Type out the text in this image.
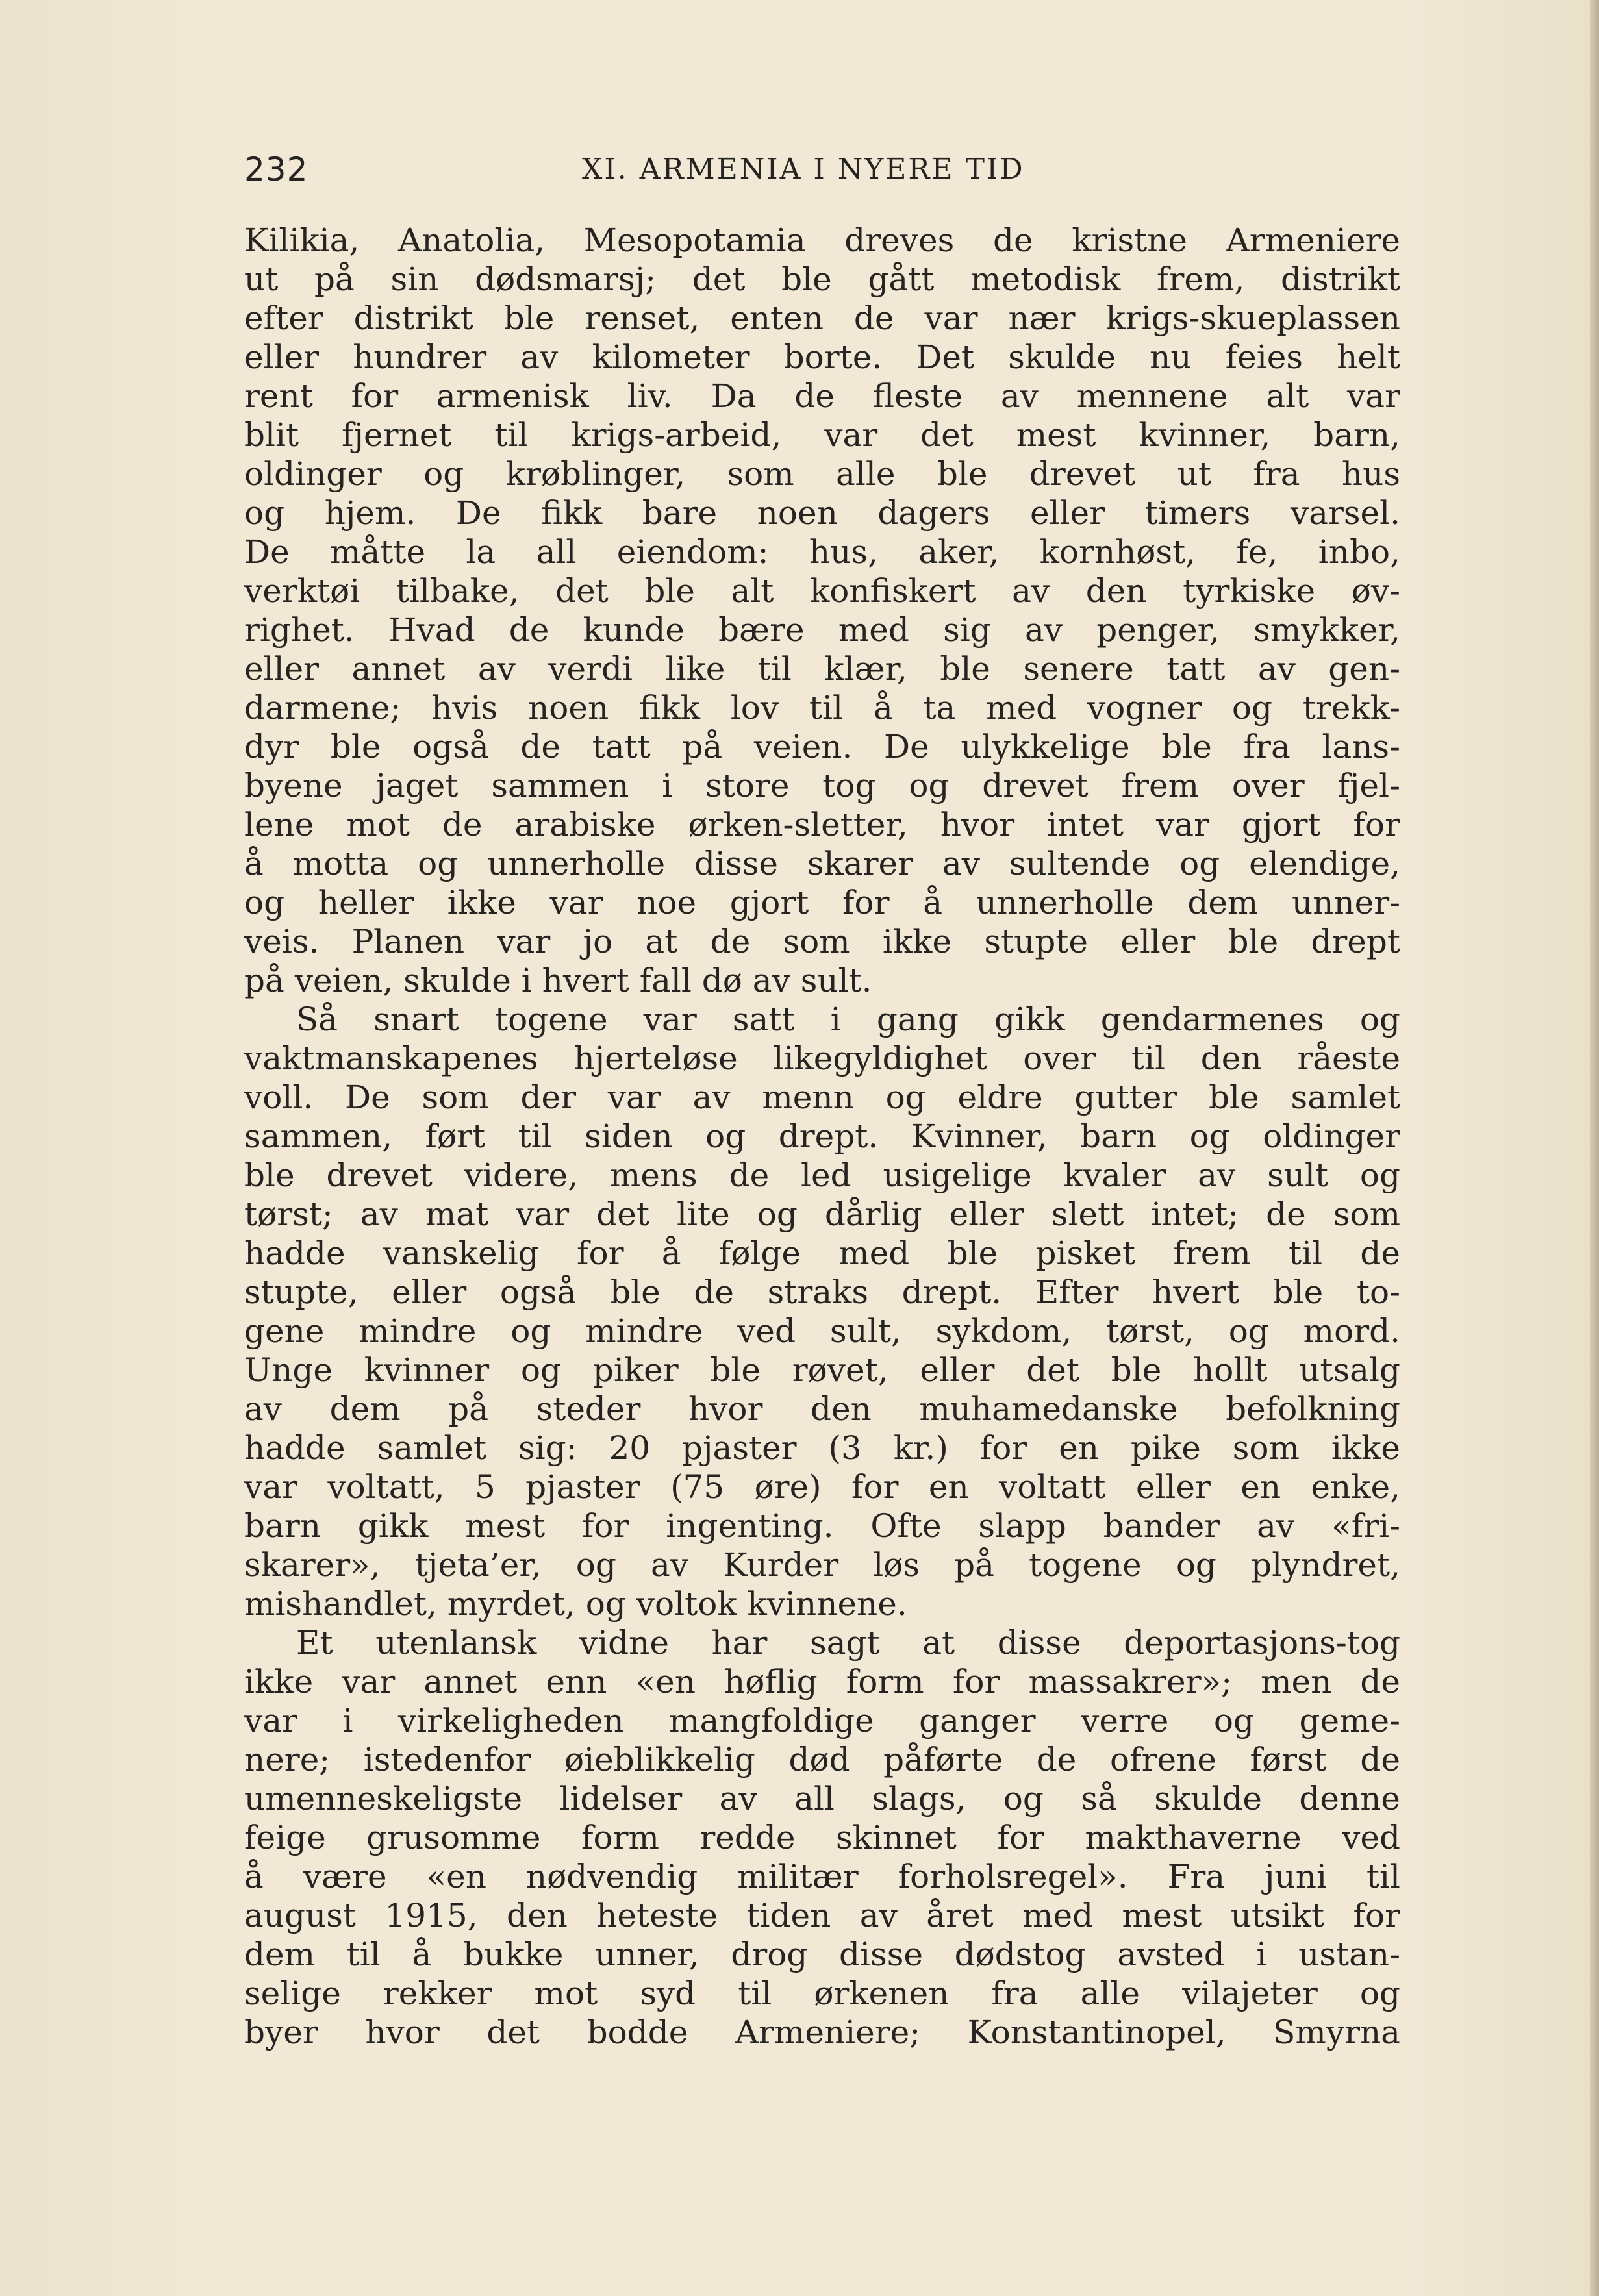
232	XI. ARMENIA I NYERE TID
Kilikia, Anatolia, Mesopotamia dreves de kristne Armeniere
ut på sin dødsmarsj; det ble gått metodisk frem, distrikt
efter distrikt ble renset, enten de var nær krigs-skueplassen
eller hundrer av kilometer borte. Det skulde nu feies helt
rent for armenisk liv. Da de fleste av mennene alt var
blit fjernet til krigs-arbeid, var det mest kvinner, barn,
oldinger og krøblinger, som alle ble drevet ut fra hus
og hjem. De fikk bare noen dagers eller timers varsel.
De måtte la all eiendom: hus, aker, kornhøst, fe, inbo,
verktøi tilbake, det ble alt konfiskert av den tyrkiske øv-
righet. Hvad de kunde bære med sig av penger, smykker,
eller annet av verdi like til klær, ble senere tatt av gen-
darmene; hvis noen fikk lov til å ta med vogner og trekk-
dyr ble også de tatt på veien. De ulykkelige ble fra lans-
byene jaget sammen i store tog og drevet frem over fjel-
lene mot de arabiske ørken-sletter, hvor intet var gjort for
å motta og unnerholle disse skarer av sultende og elendige,
og heller ikke var noe gjort for å unnerholle dem unner-
veis. Planen var jo at de som ikke stupte eller ble drept
på veien, skulde i hvert fall dø av sult.
Så snart togene var satt i gang gikk gendarmenes og
vaktmanskapenes hjerteløse likegyldighet over til den råeste
voll. De som der var av menn og eldre gutter ble samlet
sammen, ført til siden og drept. Kvinner, barn og oldinger
ble drevet videre, mens de led usigelige kvaler av sult og
tørst; av mat var det lite og dårlig eller slett intet; de som
hadde vanskelig for å følge med ble pisket frem til de
stupte, eller også ble de straks drept. Efter hvert ble to-
gene mindre og mindre ved sult, sykdom, tørst, og mord.
Unge kvinner og piker ble røvet, eller det ble hollt utsalg
av dem på steder hvor den muhamedanske befolkning
hadde samlet sig: 20 pjaster (3 kr.) for en pike som ikke
var voltatt, 5 pjaster (75 øre) for en voltatt eller en enke,
barn gikk mest for ingenting. Ofte slapp bander av «fri-
skarer», tjeta’er, og av Kurder løs på togene og plyndret,
mishandlet, myrdet, og voltok kvinnene.
Et utenlansk vidne har sagt at disse deportasjons-tog
ikke var annet enn «en høflig form for massakrer»; men de
var i virkeligheden mangfoldige ganger verre og geme-
nere; istedenfor øieblikkelig død påførte de ofrene først de
umenneskeligste lidelser av all slags, og så skulde denne
feige grusomme form redde skinnet for makthaverne ved
å være «en nødvendig militær forholsregel». Fra juni til
august 1915, den heteste tiden av året med mest utsikt for
dem til å bukke unner, drog disse dødstog avsted i ustan-
selige rekker mot syd til ørkenen fra alle vilajeter og
byer hvor det bodde Armeniere; Konstantinopel, Smyrna
